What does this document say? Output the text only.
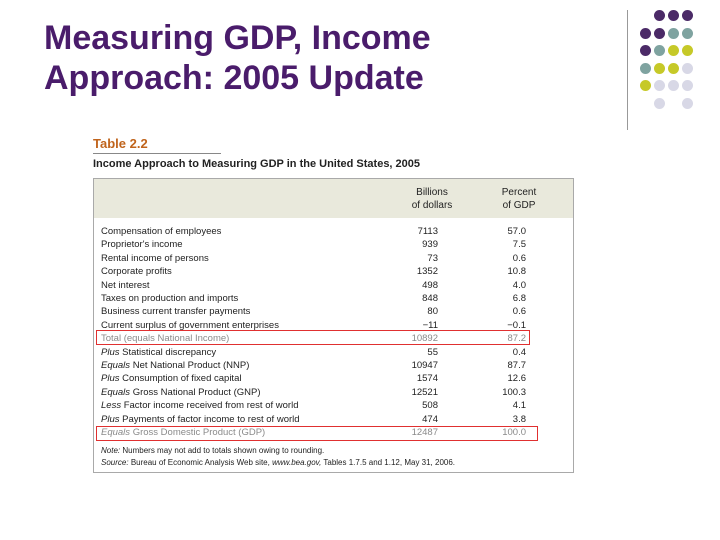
Measuring GDP, Income
Approach: 2005 Update
Table 2.2
Income Approach to Measuring GDP in the United States, 2005
Billions
of dollars
Percent
of GDP
Compensation of employees	7113	57.0
Proprietor's income	939	7.5
Rental income of persons	73	0.6
Corporate profits	1352	10.8
Net interest	498	4.0
Taxes on production and imports	848	6.8
Business current transfer payments	80	0.6
Current surplus of government enterprises	−11	−0.1
Total (equals National Income)	10892	87.2
Plus Statistical discrepancy	55	0.4
Equals Net National Product (NNP)	10947	87.7
Plus Consumption of fixed capital	1574	12.6
Equals Gross National Product (GNP)	12521	100.3
Less Factor income received from rest of world	508	4.1
Plus Payments of factor income to rest of world	474	3.8
Equals Gross Domestic Product (GDP)	12487	100.0
Note: Numbers may not add to totals shown owing to rounding.
Source: Bureau of Economic Analysis Web site, www.bea.gov, Tables 1.7.5 and 1.12, May 31, 2006.
